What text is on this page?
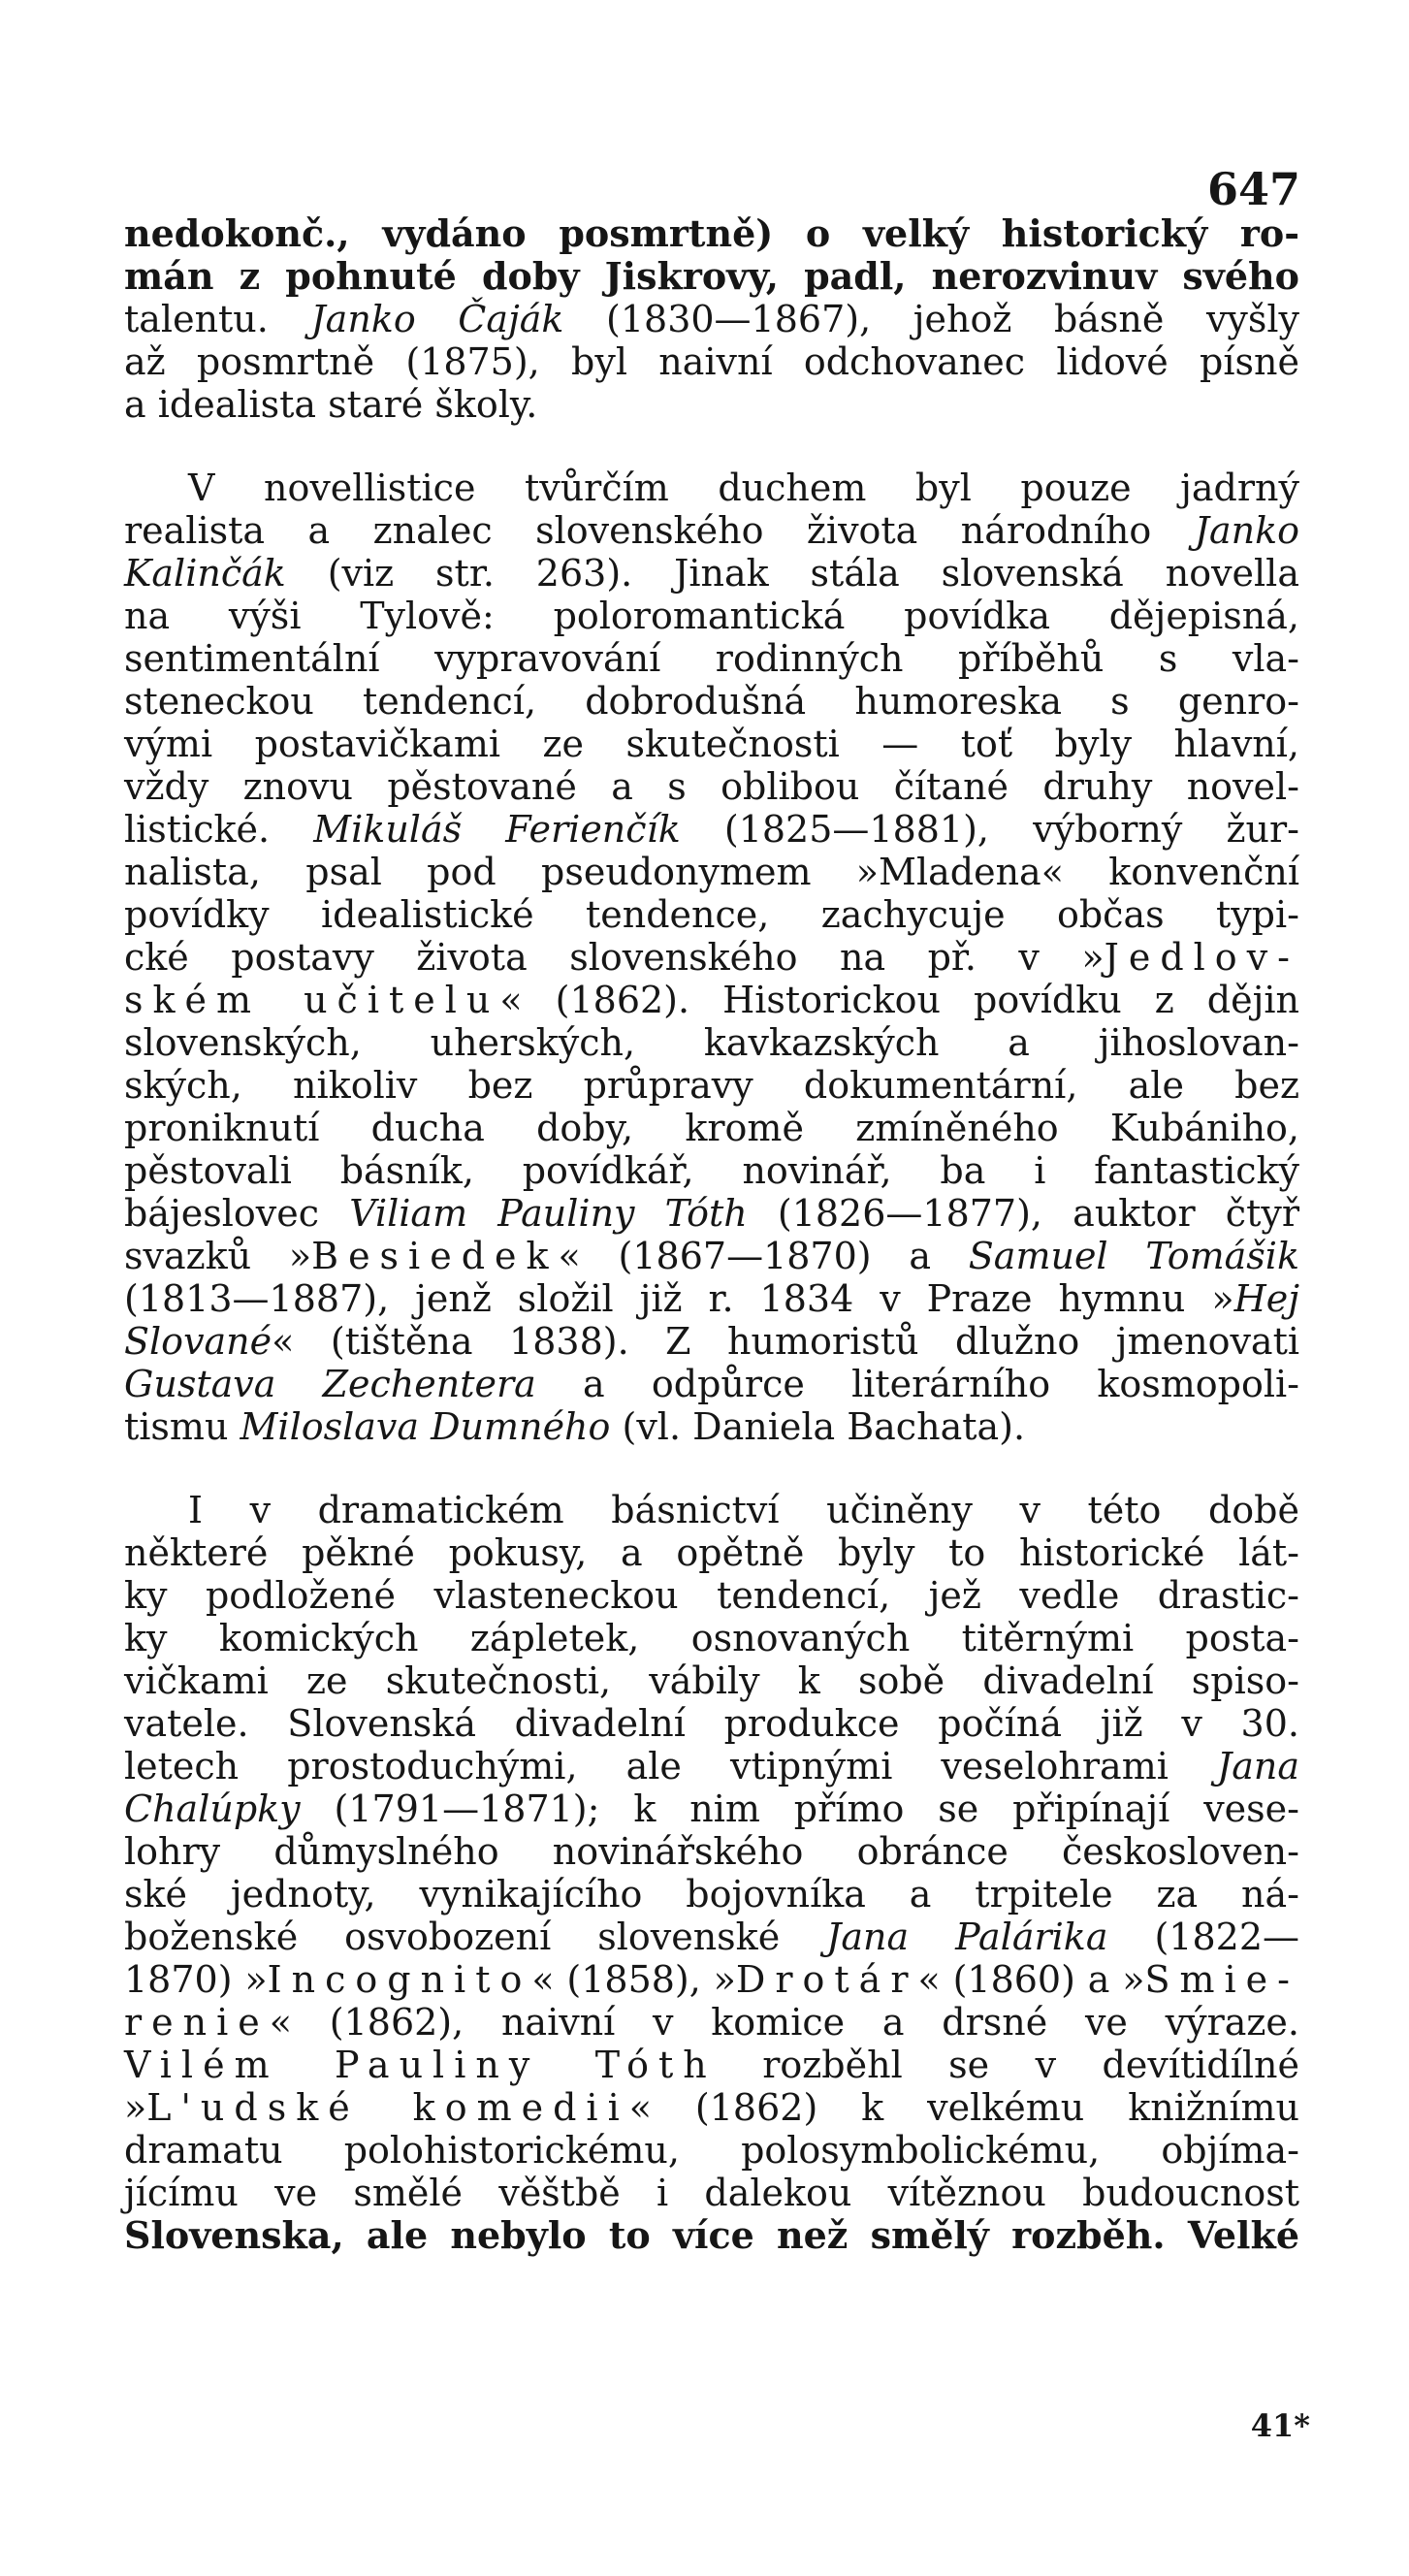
647
nedokonč., vydáno posmrtně) o velký historický ro-
mán z pohnuté doby Jiskrovy, padl, nerozvinuv svého
talentu. Janko Čaják (1830—1867), jehož básně vyšly
až posmrtně (1875), byl naivní odchovanec lidové písně
a idealista staré školy.
V novellistice tvůrčím duchem byl pouze jadrný
realista a znalec slovenského života národního Janko
Kalinčák (viz str. 263). Jinak stála slovenská novella
na výši Tylově: poloromantická povídka dějepisná,
sentimentální vypravování rodinných příběhů s vla-
steneckou tendencí, dobrodušná humoreska s genro-
vými postavičkami ze skutečnosti — toť byly hlavní,
vždy znovu pěstované a s oblibou čítané druhy novel-
listické. Mikuláš Ferienčík (1825—1881), výborný žur-
nalista, psal pod pseudonymem »Mladena« konvenční
povídky idealistické tendence, zachycuje občas typi-
cké postavy života slovenského na př. v »Jedlov-
ském učitelu« (1862). Historickou povídku z dějin
slovenských, uherských, kavkazských a jihoslovan-
ských, nikoliv bez průpravy dokumentární, ale bez
proniknutí ducha doby, kromě zmíněného Kubániho,
pěstovali básník, povídkář, novinář, ba i fantastický
bájeslovec Viliam Pauliny Tóth (1826—1877), auktor čtyř
svazků »Besiedek« (1867—1870) a Samuel Tomášik
(1813—1887), jenž složil již r. 1834 v Praze hymnu »Hej
Slované« (tištěna 1838). Z humoristů dlužno jmenovati
Gustava Zechentera a odpůrce literárního kosmopoli-
tismu Miloslava Dumného (vl. Daniela Bachata).
I v dramatickém básnictví učiněny v této době
některé pěkné pokusy, a opětně byly to historické lát-
ky podložené vlasteneckou tendencí, jež vedle drastic-
ky komických zápletek, osnovaných titěrnými posta-
vičkami ze skutečnosti, vábily k sobě divadelní spiso-
vatele. Slovenská divadelní produkce počíná již v 30.
letech prostoduchými, ale vtipnými veselohrami Jana
Chalúpky (1791—1871); k nim přímo se připínají vese-
lohry důmyslného novinářského obránce českosloven-
ské jednoty, vynikajícího bojovníka a trpitele za ná-
boženské osvobození slovenské Jana Palárika (1822—
1870) »Incognito« (1858), »Drotár« (1860) a »Smie-
renie« (1862), naivní v komice a drsné ve výraze.
Vilém Pauliny Tóth rozběhl se v devítidílné
»L'udské komedii« (1862) k velkému knižnímu
dramatu polohistorickému, polosymbolickému, objíma-
jícímu ve smělé věštbě i dalekou vítěznou budoucnost
Slovenska, ale nebylo to více než smělý rozběh. Velké
41*
